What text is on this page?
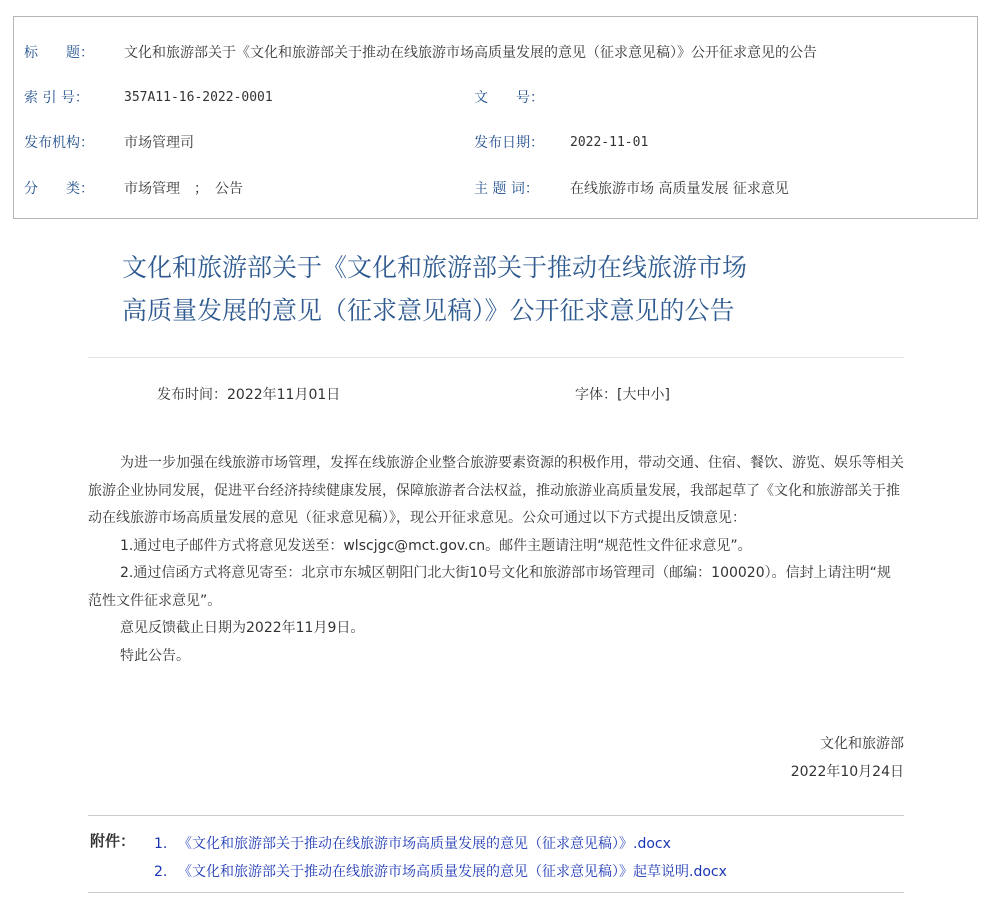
标　　题：	文化和旅游部关于《文化和旅游部关于推动在线旅游市场高质量发展的意见（征求意见稿）》公开征求意见的公告
索 引 号：	357A11-16-2022-0001	文　　号：
发布机构：	市场管理司	发布日期：	2022-11-01
分　　类：	市场管理　；　公告	主 题 词：	在线旅游市场 高质量发展 征求意见
文化和旅游部关于《文化和旅游部关于推动在线旅游市场
高质量发展的意见（征求意见稿）》公开征求意见的公告
发布时间：2022年11月01日	字体：[大中小]

为进一步加强在线旅游市场管理，发挥在线旅游企业整合旅游要素资源的积极作用，带动交通、住宿、餐饮、游览、娱乐等相关旅游企业协同发展，促进平台经济持续健康发展，保障旅游者合法权益，推动旅游业高质量发展，我部起草了《文化和旅游部关于推动在线旅游市场高质量发展的意见（征求意见稿）》，现公开征求意见。公众可通过以下方式提出反馈意见：

1.通过电子邮件方式将意见发送至：wlscjgc@mct.gov.cn。邮件主题请注明“规范性文件征求意见”。

2.通过信函方式将意见寄至：北京市东城区朝阳门北大街10号文化和旅游部市场管理司（邮编：100020）。信封上请注明“规范性文件征求意见”。

意见反馈截止日期为2022年11月9日。

特此公告。

文化和旅游部
2022年10月24日
附件： 1. 《文化和旅游部关于推动在线旅游市场高质量发展的意见（征求意见稿）》.docx
2. 《文化和旅游部关于推动在线旅游市场高质量发展的意见（征求意见稿）》起草说明.docx
